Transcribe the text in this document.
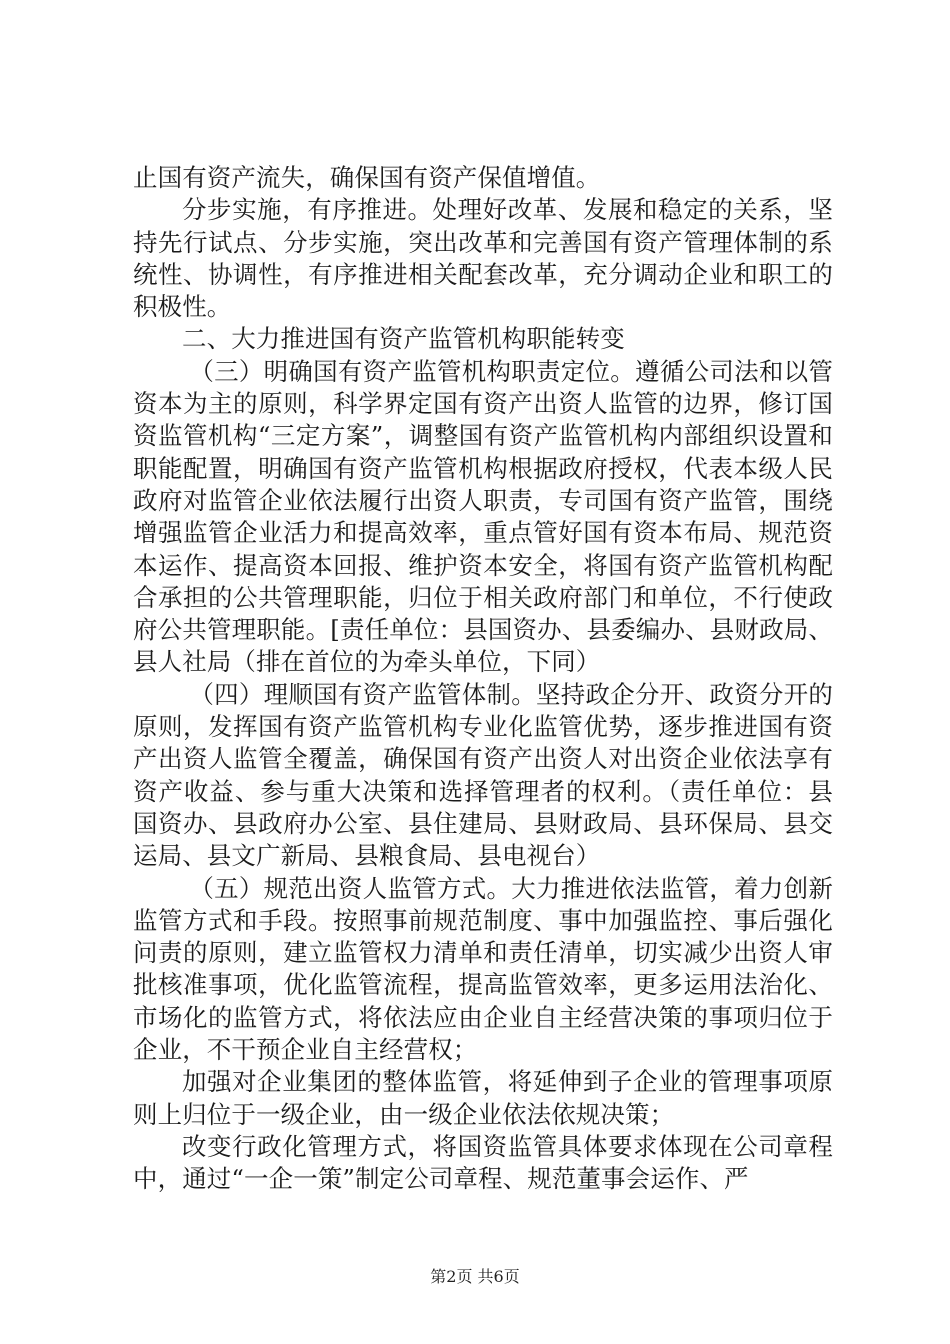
止国有资产流失，确保国有资产保值增值。

分步实施，有序推进。处理好改革、发展和稳定的关系，坚持先行试点、分步实施，突出改革和完善国有资产管理体制的系统性、协调性，有序推进相关配套改革，充分调动企业和职工的积极性。

二、大力推进国有资产监管机构职能转变

（三）明确国有资产监管机构职责定位。遵循公司法和以管资本为主的原则，科学界定国有资产出资人监管的边界，修订国资监管机构“三定方案”，调整国有资产监管机构内部组织设置和职能配置，明确国有资产监管机构根据政府授权，代表本级人民政府对监管企业依法履行出资人职责，专司国有资产监管，围绕增强监管企业活力和提高效率，重点管好国有资本布局、规范资本运作、提高资本回报、维护资本安全，将国有资产监管机构配合承担的公共管理职能，归位于相关政府部门和单位，不行使政府公共管理职能。[责任单位：县国资办、县委编办、县财政局、县人社局（排在首位的为牵头单位，下同）

（四）理顺国有资产监管体制。坚持政企分开、政资分开的原则，发挥国有资产监管机构专业化监管优势，逐步推进国有资产出资人监管全覆盖，确保国有资产出资人对出资企业依法享有资产收益、参与重大决策和选择管理者的权利。（责任单位：县国资办、县政府办公室、县住建局、县财政局、县环保局、县交运局、县文广新局、县粮食局、县电视台）

（五）规范出资人监管方式。大力推进依法监管，着力创新监管方式和手段。按照事前规范制度、事中加强监控、事后强化问责的原则，建立监管权力清单和责任清单，切实减少出资人审批核准事项，优化监管流程，提高监管效率，更多运用法治化、市场化的监管方式，将依法应由企业自主经营决策的事项归位于企业，不干预企业自主经营权；

加强对企业集团的整体监管，将延伸到子企业的管理事项原则上归位于一级企业，由一级企业依法依规决策；

改变行政化管理方式，将国资监管具体要求体现在公司章程中，通过“一企一策”制定公司章程、规范董事会运作、严

第2页 共6页
